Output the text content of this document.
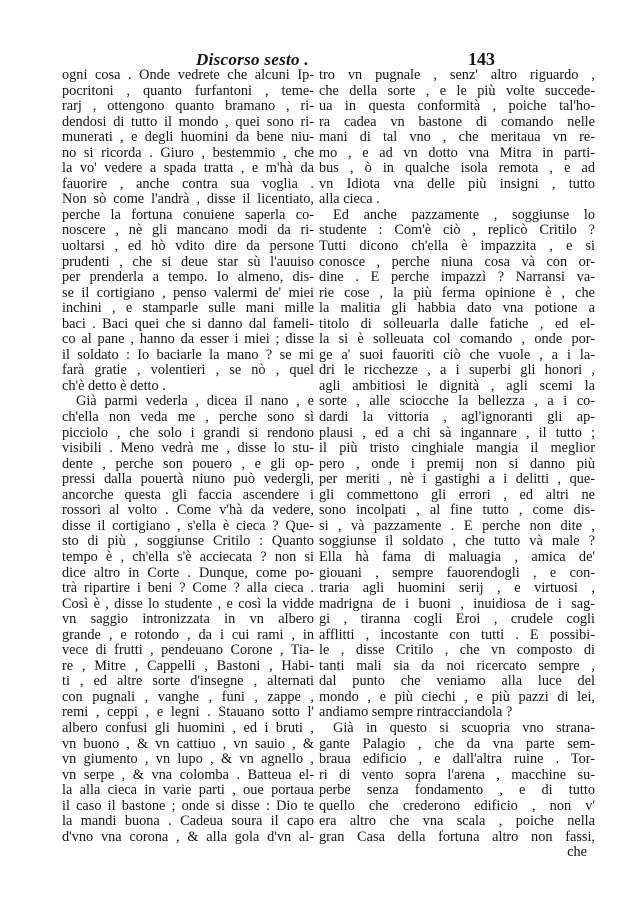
Discorso sesto .	143
ogni cosa . Onde vedrete che alcuni Ip-
pocritoni , quanto furfantoni , teme-
rarj , ottengono quanto bramano , ri-
dendosi di tutto il mondo , quei sono ri-
munerati , e degli huomini da bene niu-
no si ricorda . Giuro , bestemmio , che
la vo' vedere a spada tratta , e m'hà da
fauorire , anche contra sua voglia .
Non sò come l'andrà , disse il licentiato,
perche la fortuna conuiene saperla co-
noscere , nè gli mancano modi da ri-
uoltarsi , ed hò vdito dire da persone
prudenti , che si deue star sù l'auuiso
per prenderla a tempo. Io almeno, dis-
se il cortigiano , penso valermi de' miei
inchini , e stamparle sulle mani mille
baci . Baci quei che si danno dal fameli-
co al pane , hanno da esser i miei ; disse
il soldato : Io baciarle la mano ? se mi
farà gratie , volentieri , se nò , quel
ch'è detto è detto .
Già parmi vederla , dicea il nano , e
ch'ella non veda me , perche sono sì
picciolo , che solo i grandi si rendono
visibili . Meno vedrà me , disse lo stu-
dente , perche son pouero , e gli op-
pressi dalla pouertà niuno può vedergli,
ancorche questa gli faccia ascendere i
rossori al volto . Come v'hà da vedere,
disse il cortigiano , s'ella è cieca ? Que-
sto di più , soggiunse Critilo : Quanto
tempo è , ch'ella s'è acciecata ? non si
dice altro in Corte . Dunque, come po-
trà ripartire i beni ? Come ? alla cieca .
Così è , disse lo studente , e così la vidde
vn saggio intronizzata in vn albero
grande , e rotondo , da i cui rami , in
vece di frutti , pendeuano Corone , Tia-
re , Mitre , Cappelli , Bastoni , Habi-
ti , ed altre sorte d'insegne , alternati
con pugnali , vanghe , funi , zappe ,
remi , ceppi , e legni . Stauano sotto l'
albero confusi gli huomini , ed i bruti ,
vn buono , & vn cattiuo , vn sauio , &
vn giumento , vn lupo , & vn agnello ,
vn serpe , & vna colomba . Batteua el-
la alla cieca in varie parti , oue portaua
il caso il bastone ; onde si disse : Dio te
la mandi buona . Cadeua soura il capo
d'vno vna corona , & alla gola d'vn al-
tro vn pugnale , senz' altro riguardo ,
che della sorte , e le più volte succede-
ua in questa conformità , poiche tal'ho-
ra cadea vn bastone di comando nelle
mani di tal vno , che meritaua vn re-
mo , e ad vn dotto vna Mitra in parti-
bus , ò in qualche isola remota , e ad
vn Idiota vna delle più insigni , tutto
alla cieca .
Ed anche pazzamente , soggiunse lo
studente : Com'è ciò , replicò Critilo ?
Tutti dicono ch'ella è impazzita , e si
conosce , perche niuna cosa và con or-
dine . E perche impazzì ? Narransi va-
rie cose , la più ferma opinione è , che
la malitia gli habbia dato vna potione a
titolo di solleuarla dalle fatiche , ed el-
la si è solleuata col comando , onde por-
ge a' suoi fauoriti ciò che vuole , a i la-
dri le ricchezze , a i superbi gli honori ,
agli ambitiosi le dignità , agli scemi la
sorte , alle sciocche la bellezza , a i co-
dardi la vittoria , agl'ignoranti gli ap-
plausi , ed a chi sà ingannare , il tutto ;
il più tristo cinghiale mangia il meglior
pero , onde i premij non si danno più
per meriti , nè i gastighi a i delitti , que-
gli commettono gli errori , ed altri ne
sono incolpati , al fine tutto , come dis-
si , và pazzamente . E perche non dite ,
soggiunse il soldato , che tutto và male ?
Ella hà fama di maluagia , amica de'
giouani , sempre fauorendogli , e con-
traria agli huomini serij , e virtuosi ,
madrigna de i buoni , inuidiosa de i sag-
gi , tiranna cogli Eroi , crudele cogli
afflitti , incostante con tutti . E possibi-
le , disse Critilo , che vn composto di
tanti mali sia da noi ricercato sempre ,
dal punto che veniamo alla luce del
mondo , e più ciechi , e più pazzi di lei,
andiamo sempre rintracciandola ?
Già in questo si scuopria vno strana-
gante Palagio , che da vna parte sem-
braua edificio , e dall'altra ruine . Tor-
ri di vento sopra l'arena , macchine su-
perbe senza fondamento , e di tutto
quello che crederono edificio , non v'
era altro che vna scala , poiche nella
gran Casa della fortuna altro non fassi,
che
